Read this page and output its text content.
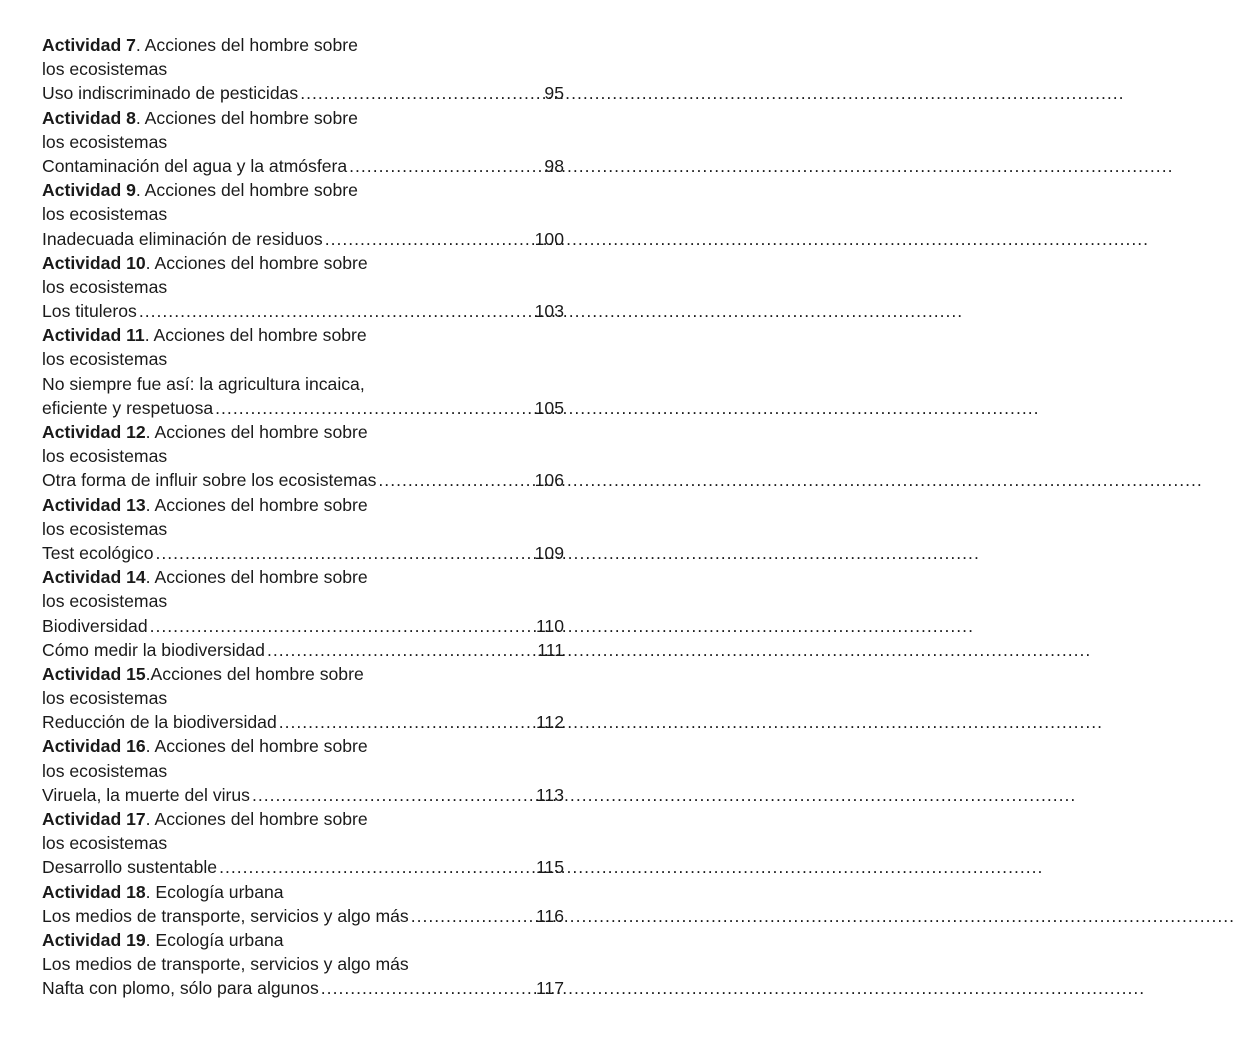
Actividad 7 . Acciones del hombre sobre
los ecosistemas
Uso indiscriminado de pesticidas .....	95
Actividad 8 . Acciones del hombre sobre
los ecosistemas
Contaminación del agua y la atmósfera .....	98
Actividad 9 . Acciones del hombre sobre
los ecosistemas
Inadecuada eliminación de residuos .....	100
Actividad 10 . Acciones del hombre sobre
los ecosistemas
Los tituleros .....	103
Actividad 11 . Acciones del hombre sobre
los ecosistemas
No siempre fue así: la agricultura incaica,
eficiente y respetuosa .....	105
Actividad 12 . Acciones del hombre sobre
los ecosistemas
Otra forma de influir sobre los ecosistemas .....	106
Actividad 13 . Acciones del hombre sobre
los ecosistemas
Test ecológico .....	109
Actividad 14 . Acciones del hombre sobre
los ecosistemas
Biodiversidad .....	110
Cómo medir la biodiversidad .....	111
Actividad 15 .Acciones del hombre sobre
los ecosistemas
Reducción de la biodiversidad .....	112
Actividad 16 . Acciones del hombre sobre
los ecosistemas
Viruela, la muerte del virus .....	113
Actividad 17 . Acciones del hombre sobre
los ecosistemas
Desarrollo sustentable .....	115
Actividad 18 . Ecología urbana
Los medios de transporte, servicios y algo más .....	116
Actividad 19 . Ecología urbana
Los medios de transporte, servicios y algo más
Nafta con plomo, sólo para algunos .....	117
